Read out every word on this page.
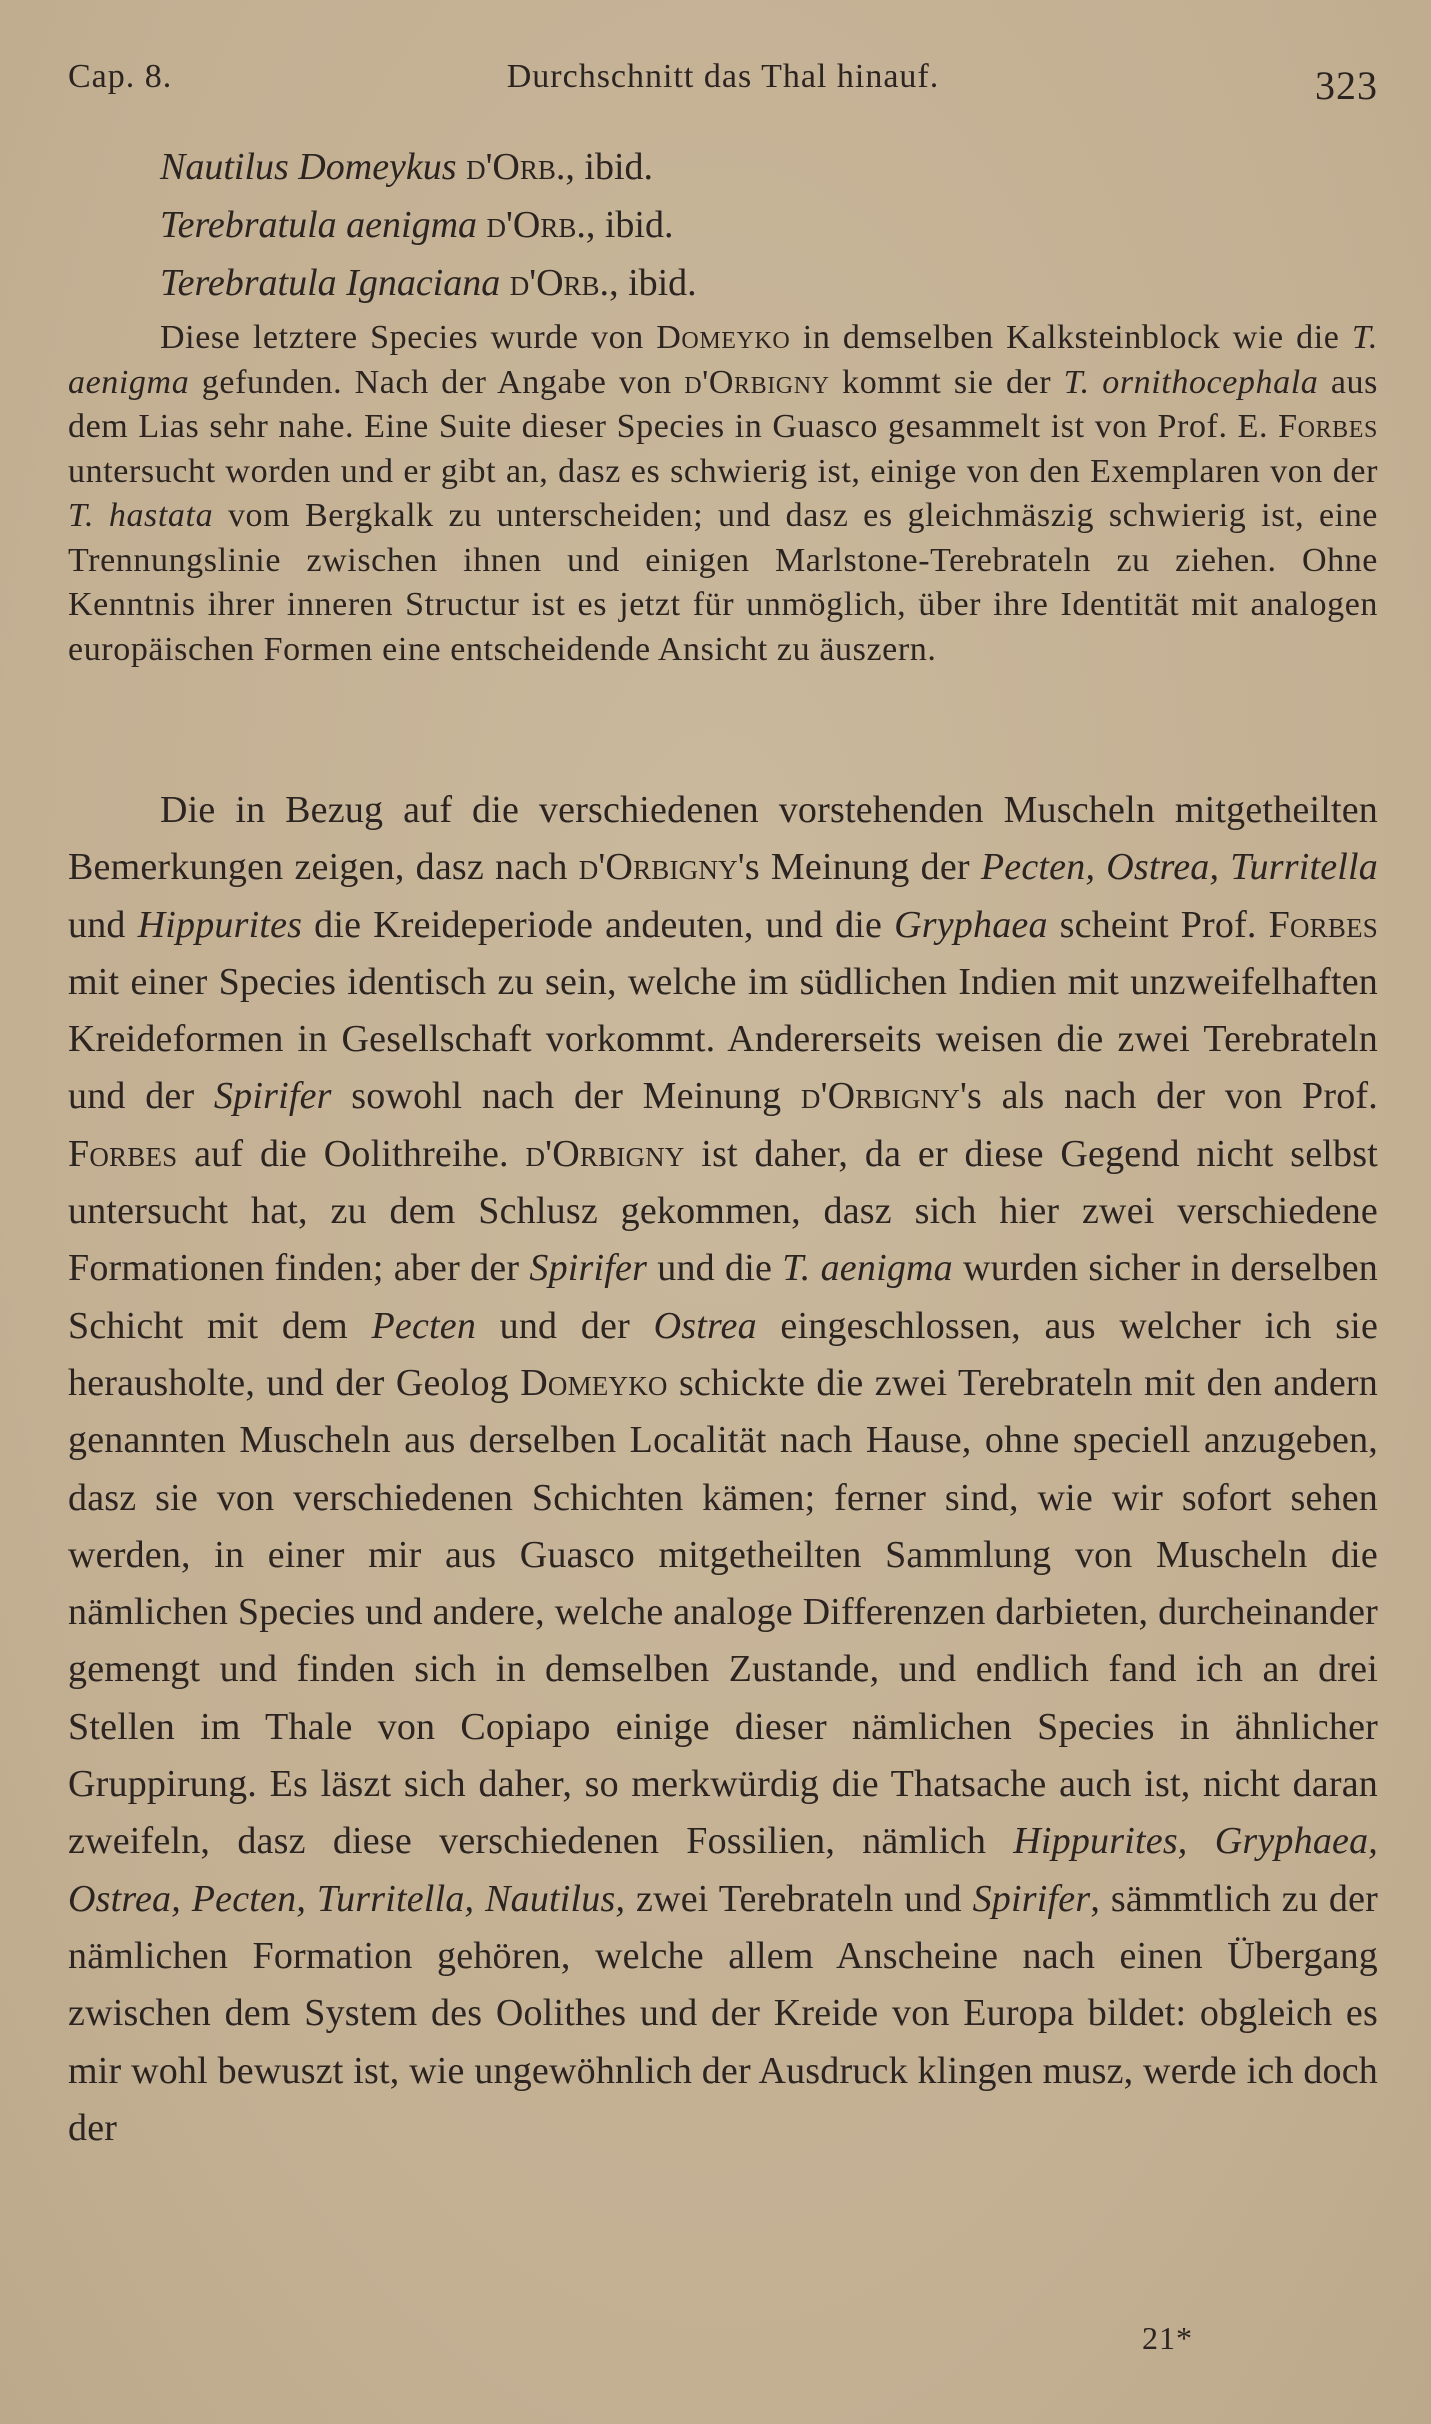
Cap. 8.	Durchschnitt das Thal hinauf.	323
Nautilus Domeykus d'Orb., ibid.
Terebratula aenigma d'Orb., ibid.
Terebratula Ignaciana d'Orb., ibid.
Diese letztere Species wurde von Domeyko in demselben Kalksteinblock wie die T. aenigma gefunden. Nach der Angabe von d'Orbigny kommt sie der T. ornithocephala aus dem Lias sehr nahe. Eine Suite dieser Species in Guasco gesammelt ist von Prof. E. Forbes untersucht worden und er gibt an, dasz es schwierig ist, einige von den Exemplaren von der T. hastata vom Bergkalk zu unterscheiden; und dasz es gleichmäszig schwierig ist, eine Trennungslinie zwischen ihnen und einigen Marlstone-Terebrateln zu ziehen. Ohne Kenntnis ihrer inneren Structur ist es jetzt für unmöglich, über ihre Identität mit analogen europäischen Formen eine entscheidende Ansicht zu äuszern.
Die in Bezug auf die verschiedenen vorstehenden Muscheln mitgetheilten Bemerkungen zeigen, dasz nach d'Orbigny's Meinung der Pecten, Ostrea, Turritella und Hippurites die Kreideperiode andeuten, und die Gryphaea scheint Prof. Forbes mit einer Species identisch zu sein, welche im südlichen Indien mit unzweifelhaften Kreideformen in Gesellschaft vorkommt. Andererseits weisen die zwei Terebrateln und der Spirifer sowohl nach der Meinung d'Orbigny's als nach der von Prof. Forbes auf die Oolithreihe. d'Orbigny ist daher, da er diese Gegend nicht selbst untersucht hat, zu dem Schlusz gekommen, dasz sich hier zwei verschiedene Formationen finden; aber der Spirifer und die T. aenigma wurden sicher in derselben Schicht mit dem Pecten und der Ostrea eingeschlossen, aus welcher ich sie herausholte, und der Geolog Domeyko schickte die zwei Terebrateln mit den andern genannten Muscheln aus derselben Localität nach Hause, ohne speciell anzugeben, dasz sie von verschiedenen Schichten kämen; ferner sind, wie wir sofort sehen werden, in einer mir aus Guasco mitgetheilten Sammlung von Muscheln die nämlichen Species und andere, welche analoge Differenzen darbieten, durcheinander gemengt und finden sich in demselben Zustande, und endlich fand ich an drei Stellen im Thale von Copiapo einige dieser nämlichen Species in ähnlicher Gruppirung. Es läszt sich daher, so merkwürdig die Thatsache auch ist, nicht daran zweifeln, dasz diese verschiedenen Fossilien, nämlich Hippurites, Gryphaea, Ostrea, Pecten, Turritella, Nautilus, zwei Terebrateln und Spirifer, sämmtlich zu der nämlichen Formation gehören, welche allem Anscheine nach einen Übergang zwischen dem System des Oolithes und der Kreide von Europa bildet: obgleich es mir wohl bewuszt ist, wie ungewöhnlich der Ausdruck klingen musz, werde ich doch der
21*
